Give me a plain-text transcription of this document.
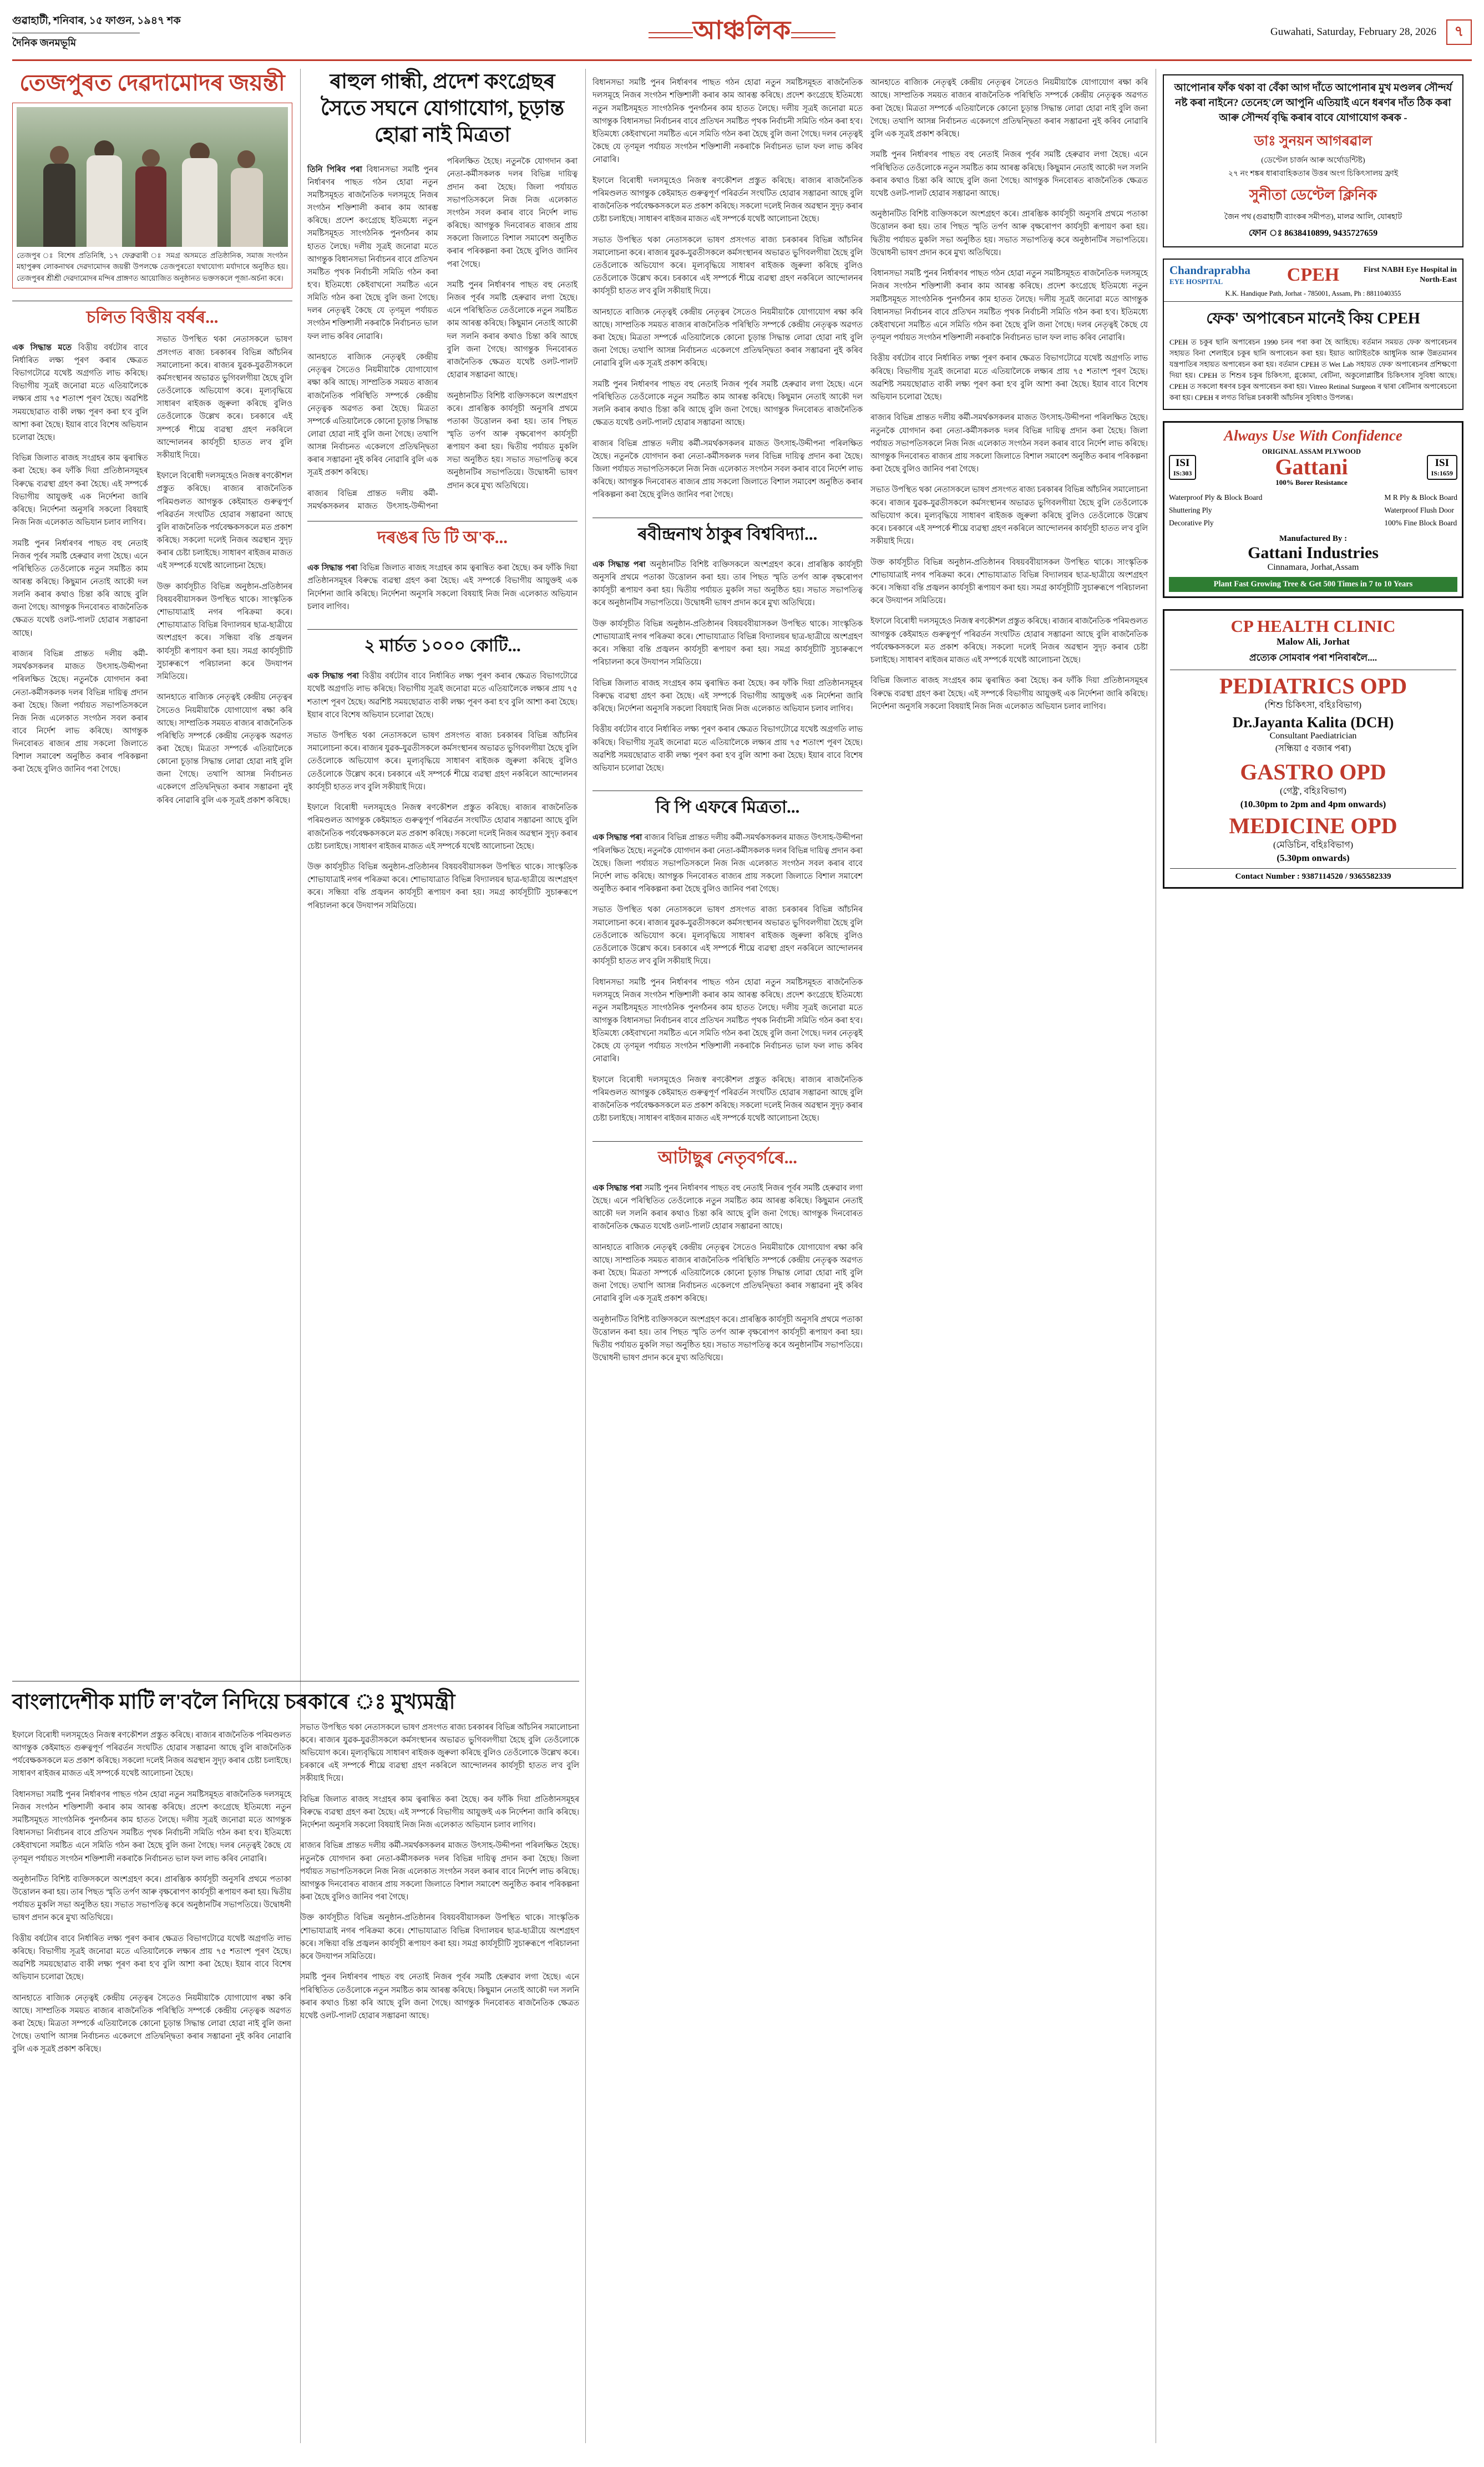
গুৱাহাটী, শনিবাৰ, ১৫ ফাগুন, ১৯৪৭ শক
দৈনিক জনমভূমি	আঞ্চলিক	Guwahati, Saturday, February 28, 2026	৭
তেজপুৰত দেৱদামোদৰ জয়ন্তী
তেজপুৰ ঃ বিশেষ প্ৰতিনিধি, ১৭ ফেব্ৰুৱাৰী ঃ সমগ্ৰ অসমতে প্ৰতিষ্ঠানিক, সমাজ সংগঠন মহাপুৰুষ লোকনাথৰ দেৱদামোদৰ জয়ন্তী উপলক্ষে তেজপুৰতো যথাযোগ্য মৰ্যাদাৰে অনুষ্ঠিত হয়। তেজপুৰৰ শ্ৰীশ্ৰী দেৱদামোদৰ মন্দিৰ প্ৰাঙ্গণত আয়োজিত অনুষ্ঠানত ভক্তসকলে পূজা-অৰ্চনা কৰে।
চলিত বিত্তীয় বৰ্ষৰ...

এক সিদ্ধান্ত মতে বিত্তীয় বৰ্ষটোৰ বাবে নিৰ্ধাৰিত লক্ষ্য পূৰণ কৰাৰ ক্ষেত্ৰত বিভাগটোৱে যথেষ্ট অগ্ৰগতি লাভ কৰিছে। বিভাগীয় সূত্ৰই জনোৱা মতে এতিয়ালৈকে লক্ষ্যৰ প্ৰায় ৭৫ শতাংশ পূৰণ হৈছে। অৱশিষ্ট সময়ছোৱাত বাকী লক্ষ্য পূৰণ কৰা হ'ব বুলি আশা কৰা হৈছে। ইয়াৰ বাবে বিশেষ অভিযান চলোৱা হৈছে।

বিভিন্ন জিলাত ৰাজহ সংগ্ৰহৰ কাম ত্বৰান্বিত কৰা হৈছে। কৰ ফাঁকি দিয়া প্ৰতিষ্ঠানসমূহৰ বিৰুদ্ধে ব্যৱস্থা গ্ৰহণ কৰা হৈছে। এই সম্পৰ্কে বিভাগীয় আয়ুক্তই এক নিৰ্দেশনা জাৰি কৰিছে। নিৰ্দেশনা অনুসৰি সকলো বিষয়াই নিজ নিজ এলেকাত অভিযান চলাব লাগিব।

সমষ্টি পুনৰ নিৰ্ধাৰণৰ পাছত বহু নেতাই নিজৰ পূৰ্বৰ সমষ্টি হেৰুৱাব লগা হৈছে। এনে পৰিস্থিতিত তেওঁলোকে নতুন সমষ্টিত কাম আৰম্ভ কৰিছে। কিছুমান নেতাই আকৌ দল সলনি কৰাৰ কথাও চিন্তা কৰি আছে বুলি জনা গৈছে। আগন্তুক দিনবোৰত ৰাজনৈতিক ক্ষেত্ৰত যথেষ্ট ওলট-পালট হোৱাৰ সম্ভাৱনা আছে।

ৰাজ্যৰ বিভিন্ন প্ৰান্তত দলীয় কৰ্মী-সমৰ্থকসকলৰ মাজত উৎসাহ-উদ্দীপনা পৰিলক্ষিত হৈছে। নতুনকৈ যোগদান কৰা নেতা-কৰ্মীসকলক দলৰ বিভিন্ন দায়িত্ব প্ৰদান কৰা হৈছে। জিলা পৰ্যায়ত সভাপতিসকলে নিজ নিজ এলেকাত সংগঠন সবল কৰাৰ বাবে নিৰ্দেশ লাভ কৰিছে। আগন্তুক দিনবোৰত ৰাজ্যৰ প্ৰায় সকলো জিলাতে বিশাল সমাবেশ অনুষ্ঠিত কৰাৰ পৰিকল্পনা কৰা হৈছে বুলিও জানিব পৰা গৈছে।

সভাত উপস্থিত থকা নেতাসকলে ভাষণ প্ৰসংগত ৰাজ্য চৰকাৰৰ বিভিন্ন আঁচনিৰ সমালোচনা কৰে। ৰাজ্যৰ যুৱক-যুৱতীসকলে কৰ্মসংস্থানৰ অভাৱত ভুগিবলগীয়া হৈছে বুলি তেওঁলোকে অভিযোগ কৰে। মূল্যবৃদ্ধিয়ে সাধাৰণ ৰাইজক জুৰুলা কৰিছে বুলিও তেওঁলোকে উল্লেখ কৰে। চৰকাৰে এই সম্পৰ্কে শীঘ্ৰে ব্যৱস্থা গ্ৰহণ নকৰিলে আন্দোলনৰ কাৰ্যসূচী হাতত ল'ব বুলি সকীয়াই দিয়ে।

ইফালে বিৰোধী দলসমূহেও নিজস্ব ৰণকৌশল প্ৰস্তুত কৰিছে। ৰাজ্যৰ ৰাজনৈতিক পৰিমণ্ডলত আগন্তুক কেইমাহত গুৰুত্বপূৰ্ণ পৰিৱৰ্তন সংঘটিত হোৱাৰ সম্ভাৱনা আছে বুলি ৰাজনৈতিক পৰ্যবেক্ষকসকলে মত প্ৰকাশ কৰিছে। সকলো দলেই নিজৰ অৱস্থান সুদৃঢ় কৰাৰ চেষ্টা চলাইছে। সাধাৰণ ৰাইজৰ মাজত এই সম্পৰ্কে যথেষ্ট আলোচনা হৈছে।

উক্ত কাৰ্যসূচীত বিভিন্ন অনুষ্ঠান-প্ৰতিষ্ঠানৰ বিষয়ববীয়াসকল উপস্থিত থাকে। সাংস্কৃতিক শোভাযাত্ৰাই নগৰ পৰিক্ৰমা কৰে। শোভাযাত্ৰাত বিভিন্ন বিদ্যালয়ৰ ছাত্ৰ-ছাত্ৰীয়ে অংশগ্ৰহণ কৰে। সন্ধিয়া বন্তি প্ৰজ্বলন কাৰ্যসূচী ৰূপায়ণ কৰা হয়। সমগ্ৰ কাৰ্যসূচীটি সুচাৰুৰূপে পৰিচালনা কৰে উদযাপন সমিতিয়ে।

আনহাতে ৰাজ্যিক নেতৃত্বই কেন্দ্ৰীয় নেতৃত্বৰ সৈতেও নিয়মীয়াকৈ যোগাযোগ ৰক্ষা কৰি আছে। সাম্প্ৰতিক সময়ত ৰাজ্যৰ ৰাজনৈতিক পৰিস্থিতি সম্পৰ্কে কেন্দ্ৰীয় নেতৃত্বক অৱগত কৰা হৈছে। মিত্ৰতা সম্পৰ্কে এতিয়ালৈকে কোনো চূড়ান্ত সিদ্ধান্ত লোৱা হোৱা নাই বুলি জনা গৈছে। তথাপি আসন্ন নিৰ্বাচনত একেলগে প্ৰতিদ্বন্দ্বিতা কৰাৰ সম্ভাৱনা নুই কৰিব নোৱাৰি বুলি এক সূত্ৰই প্ৰকাশ কৰিছে।

ৰাহুল গান্ধী, প্ৰদেশ কংগ্ৰেছৰ সৈতে সঘনে যোগাযোগ, চূড়ান্ত হোৱা নাই মিত্ৰতা

তিনি পিৰিব পৰা বিধানসভা সমষ্টি পুনৰ নিৰ্ধাৰণৰ পাছত গঠন হোৱা নতুন সমষ্টিসমূহত ৰাজনৈতিক দলসমূহে নিজৰ সংগঠন শক্তিশালী কৰাৰ কাম আৰম্ভ কৰিছে। প্ৰদেশ কংগ্ৰেছে ইতিমধ্যে নতুন সমষ্টিসমূহত সাংগঠনিক পুনৰ্গঠনৰ কাম হাতত লৈছে। দলীয় সূত্ৰই জনোৱা মতে আগন্তুক বিধানসভা নিৰ্বাচনৰ বাবে প্ৰতিখন সমষ্টিত পৃথক নিৰ্বাচনী সমিতি গঠন কৰা হ'ব। ইতিমধ্যে কেইবাখনো সমষ্টিত এনে সমিতি গঠন কৰা হৈছে বুলি জনা গৈছে। দলৰ নেতৃত্বই কৈছে যে তৃণমূল পৰ্যায়ত সংগঠন শক্তিশালী নকৰাকৈ নিৰ্বাচনত ভাল ফল লাভ কৰিব নোৱাৰি।

আনহাতে ৰাজ্যিক নেতৃত্বই কেন্দ্ৰীয় নেতৃত্বৰ সৈতেও নিয়মীয়াকৈ যোগাযোগ ৰক্ষা কৰি আছে। সাম্প্ৰতিক সময়ত ৰাজ্যৰ ৰাজনৈতিক পৰিস্থিতি সম্পৰ্কে কেন্দ্ৰীয় নেতৃত্বক অৱগত কৰা হৈছে। মিত্ৰতা সম্পৰ্কে এতিয়ালৈকে কোনো চূড়ান্ত সিদ্ধান্ত লোৱা হোৱা নাই বুলি জনা গৈছে। তথাপি আসন্ন নিৰ্বাচনত একেলগে প্ৰতিদ্বন্দ্বিতা কৰাৰ সম্ভাৱনা নুই কৰিব নোৱাৰি বুলি এক সূত্ৰই প্ৰকাশ কৰিছে।

ৰাজ্যৰ বিভিন্ন প্ৰান্তত দলীয় কৰ্মী-সমৰ্থকসকলৰ মাজত উৎসাহ-উদ্দীপনা পৰিলক্ষিত হৈছে। নতুনকৈ যোগদান কৰা নেতা-কৰ্মীসকলক দলৰ বিভিন্ন দায়িত্ব প্ৰদান কৰা হৈছে। জিলা পৰ্যায়ত সভাপতিসকলে নিজ নিজ এলেকাত সংগঠন সবল কৰাৰ বাবে নিৰ্দেশ লাভ কৰিছে। আগন্তুক দিনবোৰত ৰাজ্যৰ প্ৰায় সকলো জিলাতে বিশাল সমাবেশ অনুষ্ঠিত কৰাৰ পৰিকল্পনা কৰা হৈছে বুলিও জানিব পৰা গৈছে।

সমষ্টি পুনৰ নিৰ্ধাৰণৰ পাছত বহু নেতাই নিজৰ পূৰ্বৰ সমষ্টি হেৰুৱাব লগা হৈছে। এনে পৰিস্থিতিত তেওঁলোকে নতুন সমষ্টিত কাম আৰম্ভ কৰিছে। কিছুমান নেতাই আকৌ দল সলনি কৰাৰ কথাও চিন্তা কৰি আছে বুলি জনা গৈছে। আগন্তুক দিনবোৰত ৰাজনৈতিক ক্ষেত্ৰত যথেষ্ট ওলট-পালট হোৱাৰ সম্ভাৱনা আছে।

অনুষ্ঠানটিত বিশিষ্ট ব্যক্তিসকলে অংশগ্ৰহণ কৰে। প্ৰাৰম্ভিক কাৰ্যসূচী অনুসৰি প্ৰথমে পতাকা উত্তোলন কৰা হয়। তাৰ পিছত স্মৃতি তৰ্পণ আৰু বৃক্ষৰোপণ কাৰ্যসূচী ৰূপায়ণ কৰা হয়। দ্বিতীয় পৰ্যায়ত মুকলি সভা অনুষ্ঠিত হয়। সভাত সভাপতিত্ব কৰে অনুষ্ঠানটিৰ সভাপতিয়ে। উদ্বোধনী ভাষণ প্ৰদান কৰে মুখ্য অতিথিয়ে।

দৰঙৰ ডি টি অ'ক...

এক সিদ্ধান্ত পৰা বিভিন্ন জিলাত ৰাজহ সংগ্ৰহৰ কাম ত্বৰান্বিত কৰা হৈছে। কৰ ফাঁকি দিয়া প্ৰতিষ্ঠানসমূহৰ বিৰুদ্ধে ব্যৱস্থা গ্ৰহণ কৰা হৈছে। এই সম্পৰ্কে বিভাগীয় আয়ুক্তই এক নিৰ্দেশনা জাৰি কৰিছে। নিৰ্দেশনা অনুসৰি সকলো বিষয়াই নিজ নিজ এলেকাত অভিযান চলাব লাগিব।

২ মাৰ্চত ১০০০ কোটি...

এক সিদ্ধান্ত পৰা বিত্তীয় বৰ্ষটোৰ বাবে নিৰ্ধাৰিত লক্ষ্য পূৰণ কৰাৰ ক্ষেত্ৰত বিভাগটোৱে যথেষ্ট অগ্ৰগতি লাভ কৰিছে। বিভাগীয় সূত্ৰই জনোৱা মতে এতিয়ালৈকে লক্ষ্যৰ প্ৰায় ৭৫ শতাংশ পূৰণ হৈছে। অৱশিষ্ট সময়ছোৱাত বাকী লক্ষ্য পূৰণ কৰা হ'ব বুলি আশা কৰা হৈছে। ইয়াৰ বাবে বিশেষ অভিযান চলোৱা হৈছে।

সভাত উপস্থিত থকা নেতাসকলে ভাষণ প্ৰসংগত ৰাজ্য চৰকাৰৰ বিভিন্ন আঁচনিৰ সমালোচনা কৰে। ৰাজ্যৰ যুৱক-যুৱতীসকলে কৰ্মসংস্থানৰ অভাৱত ভুগিবলগীয়া হৈছে বুলি তেওঁলোকে অভিযোগ কৰে। মূল্যবৃদ্ধিয়ে সাধাৰণ ৰাইজক জুৰুলা কৰিছে বুলিও তেওঁলোকে উল্লেখ কৰে। চৰকাৰে এই সম্পৰ্কে শীঘ্ৰে ব্যৱস্থা গ্ৰহণ নকৰিলে আন্দোলনৰ কাৰ্যসূচী হাতত ল'ব বুলি সকীয়াই দিয়ে।

ইফালে বিৰোধী দলসমূহেও নিজস্ব ৰণকৌশল প্ৰস্তুত কৰিছে। ৰাজ্যৰ ৰাজনৈতিক পৰিমণ্ডলত আগন্তুক কেইমাহত গুৰুত্বপূৰ্ণ পৰিৱৰ্তন সংঘটিত হোৱাৰ সম্ভাৱনা আছে বুলি ৰাজনৈতিক পৰ্যবেক্ষকসকলে মত প্ৰকাশ কৰিছে। সকলো দলেই নিজৰ অৱস্থান সুদৃঢ় কৰাৰ চেষ্টা চলাইছে। সাধাৰণ ৰাইজৰ মাজত এই সম্পৰ্কে যথেষ্ট আলোচনা হৈছে।

উক্ত কাৰ্যসূচীত বিভিন্ন অনুষ্ঠান-প্ৰতিষ্ঠানৰ বিষয়ববীয়াসকল উপস্থিত থাকে। সাংস্কৃতিক শোভাযাত্ৰাই নগৰ পৰিক্ৰমা কৰে। শোভাযাত্ৰাত বিভিন্ন বিদ্যালয়ৰ ছাত্ৰ-ছাত্ৰীয়ে অংশগ্ৰহণ কৰে। সন্ধিয়া বন্তি প্ৰজ্বলন কাৰ্যসূচী ৰূপায়ণ কৰা হয়। সমগ্ৰ কাৰ্যসূচীটি সুচাৰুৰূপে পৰিচালনা কৰে উদযাপন সমিতিয়ে।

বিধানসভা সমষ্টি পুনৰ নিৰ্ধাৰণৰ পাছত গঠন হোৱা নতুন সমষ্টিসমূহত ৰাজনৈতিক দলসমূহে নিজৰ সংগঠন শক্তিশালী কৰাৰ কাম আৰম্ভ কৰিছে। প্ৰদেশ কংগ্ৰেছে ইতিমধ্যে নতুন সমষ্টিসমূহত সাংগঠনিক পুনৰ্গঠনৰ কাম হাতত লৈছে। দলীয় সূত্ৰই জনোৱা মতে আগন্তুক বিধানসভা নিৰ্বাচনৰ বাবে প্ৰতিখন সমষ্টিত পৃথক নিৰ্বাচনী সমিতি গঠন কৰা হ'ব। ইতিমধ্যে কেইবাখনো সমষ্টিত এনে সমিতি গঠন কৰা হৈছে বুলি জনা গৈছে। দলৰ নেতৃত্বই কৈছে যে তৃণমূল পৰ্যায়ত সংগঠন শক্তিশালী নকৰাকৈ নিৰ্বাচনত ভাল ফল লাভ কৰিব নোৱাৰি।

ইফালে বিৰোধী দলসমূহেও নিজস্ব ৰণকৌশল প্ৰস্তুত কৰিছে। ৰাজ্যৰ ৰাজনৈতিক পৰিমণ্ডলত আগন্তুক কেইমাহত গুৰুত্বপূৰ্ণ পৰিৱৰ্তন সংঘটিত হোৱাৰ সম্ভাৱনা আছে বুলি ৰাজনৈতিক পৰ্যবেক্ষকসকলে মত প্ৰকাশ কৰিছে। সকলো দলেই নিজৰ অৱস্থান সুদৃঢ় কৰাৰ চেষ্টা চলাইছে। সাধাৰণ ৰাইজৰ মাজত এই সম্পৰ্কে যথেষ্ট আলোচনা হৈছে।

সভাত উপস্থিত থকা নেতাসকলে ভাষণ প্ৰসংগত ৰাজ্য চৰকাৰৰ বিভিন্ন আঁচনিৰ সমালোচনা কৰে। ৰাজ্যৰ যুৱক-যুৱতীসকলে কৰ্মসংস্থানৰ অভাৱত ভুগিবলগীয়া হৈছে বুলি তেওঁলোকে অভিযোগ কৰে। মূল্যবৃদ্ধিয়ে সাধাৰণ ৰাইজক জুৰুলা কৰিছে বুলিও তেওঁলোকে উল্লেখ কৰে। চৰকাৰে এই সম্পৰ্কে শীঘ্ৰে ব্যৱস্থা গ্ৰহণ নকৰিলে আন্দোলনৰ কাৰ্যসূচী হাতত ল'ব বুলি সকীয়াই দিয়ে।

আনহাতে ৰাজ্যিক নেতৃত্বই কেন্দ্ৰীয় নেতৃত্বৰ সৈতেও নিয়মীয়াকৈ যোগাযোগ ৰক্ষা কৰি আছে। সাম্প্ৰতিক সময়ত ৰাজ্যৰ ৰাজনৈতিক পৰিস্থিতি সম্পৰ্কে কেন্দ্ৰীয় নেতৃত্বক অৱগত কৰা হৈছে। মিত্ৰতা সম্পৰ্কে এতিয়ালৈকে কোনো চূড়ান্ত সিদ্ধান্ত লোৱা হোৱা নাই বুলি জনা গৈছে। তথাপি আসন্ন নিৰ্বাচনত একেলগে প্ৰতিদ্বন্দ্বিতা কৰাৰ সম্ভাৱনা নুই কৰিব নোৱাৰি বুলি এক সূত্ৰই প্ৰকাশ কৰিছে।

সমষ্টি পুনৰ নিৰ্ধাৰণৰ পাছত বহু নেতাই নিজৰ পূৰ্বৰ সমষ্টি হেৰুৱাব লগা হৈছে। এনে পৰিস্থিতিত তেওঁলোকে নতুন সমষ্টিত কাম আৰম্ভ কৰিছে। কিছুমান নেতাই আকৌ দল সলনি কৰাৰ কথাও চিন্তা কৰি আছে বুলি জনা গৈছে। আগন্তুক দিনবোৰত ৰাজনৈতিক ক্ষেত্ৰত যথেষ্ট ওলট-পালট হোৱাৰ সম্ভাৱনা আছে।

ৰাজ্যৰ বিভিন্ন প্ৰান্তত দলীয় কৰ্মী-সমৰ্থকসকলৰ মাজত উৎসাহ-উদ্দীপনা পৰিলক্ষিত হৈছে। নতুনকৈ যোগদান কৰা নেতা-কৰ্মীসকলক দলৰ বিভিন্ন দায়িত্ব প্ৰদান কৰা হৈছে। জিলা পৰ্যায়ত সভাপতিসকলে নিজ নিজ এলেকাত সংগঠন সবল কৰাৰ বাবে নিৰ্দেশ লাভ কৰিছে। আগন্তুক দিনবোৰত ৰাজ্যৰ প্ৰায় সকলো জিলাতে বিশাল সমাবেশ অনুষ্ঠিত কৰাৰ পৰিকল্পনা কৰা হৈছে বুলিও জানিব পৰা গৈছে।

ৰবীন্দ্ৰনাথ ঠাকুৰ বিশ্ববিদ্যা...

এক সিদ্ধান্ত পৰা অনুষ্ঠানটিত বিশিষ্ট ব্যক্তিসকলে অংশগ্ৰহণ কৰে। প্ৰাৰম্ভিক কাৰ্যসূচী অনুসৰি প্ৰথমে পতাকা উত্তোলন কৰা হয়। তাৰ পিছত স্মৃতি তৰ্পণ আৰু বৃক্ষৰোপণ কাৰ্যসূচী ৰূপায়ণ কৰা হয়। দ্বিতীয় পৰ্যায়ত মুকলি সভা অনুষ্ঠিত হয়। সভাত সভাপতিত্ব কৰে অনুষ্ঠানটিৰ সভাপতিয়ে। উদ্বোধনী ভাষণ প্ৰদান কৰে মুখ্য অতিথিয়ে।

উক্ত কাৰ্যসূচীত বিভিন্ন অনুষ্ঠান-প্ৰতিষ্ঠানৰ বিষয়ববীয়াসকল উপস্থিত থাকে। সাংস্কৃতিক শোভাযাত্ৰাই নগৰ পৰিক্ৰমা কৰে। শোভাযাত্ৰাত বিভিন্ন বিদ্যালয়ৰ ছাত্ৰ-ছাত্ৰীয়ে অংশগ্ৰহণ কৰে। সন্ধিয়া বন্তি প্ৰজ্বলন কাৰ্যসূচী ৰূপায়ণ কৰা হয়। সমগ্ৰ কাৰ্যসূচীটি সুচাৰুৰূপে পৰিচালনা কৰে উদযাপন সমিতিয়ে।

বিভিন্ন জিলাত ৰাজহ সংগ্ৰহৰ কাম ত্বৰান্বিত কৰা হৈছে। কৰ ফাঁকি দিয়া প্ৰতিষ্ঠানসমূহৰ বিৰুদ্ধে ব্যৱস্থা গ্ৰহণ কৰা হৈছে। এই সম্পৰ্কে বিভাগীয় আয়ুক্তই এক নিৰ্দেশনা জাৰি কৰিছে। নিৰ্দেশনা অনুসৰি সকলো বিষয়াই নিজ নিজ এলেকাত অভিযান চলাব লাগিব।

বিত্তীয় বৰ্ষটোৰ বাবে নিৰ্ধাৰিত লক্ষ্য পূৰণ কৰাৰ ক্ষেত্ৰত বিভাগটোৱে যথেষ্ট অগ্ৰগতি লাভ কৰিছে। বিভাগীয় সূত্ৰই জনোৱা মতে এতিয়ালৈকে লক্ষ্যৰ প্ৰায় ৭৫ শতাংশ পূৰণ হৈছে। অৱশিষ্ট সময়ছোৱাত বাকী লক্ষ্য পূৰণ কৰা হ'ব বুলি আশা কৰা হৈছে। ইয়াৰ বাবে বিশেষ অভিযান চলোৱা হৈছে।

বি পি এফৰে মিত্ৰতা...

এক সিদ্ধান্ত পৰা ৰাজ্যৰ বিভিন্ন প্ৰান্তত দলীয় কৰ্মী-সমৰ্থকসকলৰ মাজত উৎসাহ-উদ্দীপনা পৰিলক্ষিত হৈছে। নতুনকৈ যোগদান কৰা নেতা-কৰ্মীসকলক দলৰ বিভিন্ন দায়িত্ব প্ৰদান কৰা হৈছে। জিলা পৰ্যায়ত সভাপতিসকলে নিজ নিজ এলেকাত সংগঠন সবল কৰাৰ বাবে নিৰ্দেশ লাভ কৰিছে। আগন্তুক দিনবোৰত ৰাজ্যৰ প্ৰায় সকলো জিলাতে বিশাল সমাবেশ অনুষ্ঠিত কৰাৰ পৰিকল্পনা কৰা হৈছে বুলিও জানিব পৰা গৈছে।

সভাত উপস্থিত থকা নেতাসকলে ভাষণ প্ৰসংগত ৰাজ্য চৰকাৰৰ বিভিন্ন আঁচনিৰ সমালোচনা কৰে। ৰাজ্যৰ যুৱক-যুৱতীসকলে কৰ্মসংস্থানৰ অভাৱত ভুগিবলগীয়া হৈছে বুলি তেওঁলোকে অভিযোগ কৰে। মূল্যবৃদ্ধিয়ে সাধাৰণ ৰাইজক জুৰুলা কৰিছে বুলিও তেওঁলোকে উল্লেখ কৰে। চৰকাৰে এই সম্পৰ্কে শীঘ্ৰে ব্যৱস্থা গ্ৰহণ নকৰিলে আন্দোলনৰ কাৰ্যসূচী হাতত ল'ব বুলি সকীয়াই দিয়ে।

বিধানসভা সমষ্টি পুনৰ নিৰ্ধাৰণৰ পাছত গঠন হোৱা নতুন সমষ্টিসমূহত ৰাজনৈতিক দলসমূহে নিজৰ সংগঠন শক্তিশালী কৰাৰ কাম আৰম্ভ কৰিছে। প্ৰদেশ কংগ্ৰেছে ইতিমধ্যে নতুন সমষ্টিসমূহত সাংগঠনিক পুনৰ্গঠনৰ কাম হাতত লৈছে। দলীয় সূত্ৰই জনোৱা মতে আগন্তুক বিধানসভা নিৰ্বাচনৰ বাবে প্ৰতিখন সমষ্টিত পৃথক নিৰ্বাচনী সমিতি গঠন কৰা হ'ব। ইতিমধ্যে কেইবাখনো সমষ্টিত এনে সমিতি গঠন কৰা হৈছে বুলি জনা গৈছে। দলৰ নেতৃত্বই কৈছে যে তৃণমূল পৰ্যায়ত সংগঠন শক্তিশালী নকৰাকৈ নিৰ্বাচনত ভাল ফল লাভ কৰিব নোৱাৰি।

ইফালে বিৰোধী দলসমূহেও নিজস্ব ৰণকৌশল প্ৰস্তুত কৰিছে। ৰাজ্যৰ ৰাজনৈতিক পৰিমণ্ডলত আগন্তুক কেইমাহত গুৰুত্বপূৰ্ণ পৰিৱৰ্তন সংঘটিত হোৱাৰ সম্ভাৱনা আছে বুলি ৰাজনৈতিক পৰ্যবেক্ষকসকলে মত প্ৰকাশ কৰিছে। সকলো দলেই নিজৰ অৱস্থান সুদৃঢ় কৰাৰ চেষ্টা চলাইছে। সাধাৰণ ৰাইজৰ মাজত এই সম্পৰ্কে যথেষ্ট আলোচনা হৈছে।

আটাছুৰ নেতৃবৰ্গৰে...

এক সিদ্ধান্ত পৰা সমষ্টি পুনৰ নিৰ্ধাৰণৰ পাছত বহু নেতাই নিজৰ পূৰ্বৰ সমষ্টি হেৰুৱাব লগা হৈছে। এনে পৰিস্থিতিত তেওঁলোকে নতুন সমষ্টিত কাম আৰম্ভ কৰিছে। কিছুমান নেতাই আকৌ দল সলনি কৰাৰ কথাও চিন্তা কৰি আছে বুলি জনা গৈছে। আগন্তুক দিনবোৰত ৰাজনৈতিক ক্ষেত্ৰত যথেষ্ট ওলট-পালট হোৱাৰ সম্ভাৱনা আছে।

আনহাতে ৰাজ্যিক নেতৃত্বই কেন্দ্ৰীয় নেতৃত্বৰ সৈতেও নিয়মীয়াকৈ যোগাযোগ ৰক্ষা কৰি আছে। সাম্প্ৰতিক সময়ত ৰাজ্যৰ ৰাজনৈতিক পৰিস্থিতি সম্পৰ্কে কেন্দ্ৰীয় নেতৃত্বক অৱগত কৰা হৈছে। মিত্ৰতা সম্পৰ্কে এতিয়ালৈকে কোনো চূড়ান্ত সিদ্ধান্ত লোৱা হোৱা নাই বুলি জনা গৈছে। তথাপি আসন্ন নিৰ্বাচনত একেলগে প্ৰতিদ্বন্দ্বিতা কৰাৰ সম্ভাৱনা নুই কৰিব নোৱাৰি বুলি এক সূত্ৰই প্ৰকাশ কৰিছে।

অনুষ্ঠানটিত বিশিষ্ট ব্যক্তিসকলে অংশগ্ৰহণ কৰে। প্ৰাৰম্ভিক কাৰ্যসূচী অনুসৰি প্ৰথমে পতাকা উত্তোলন কৰা হয়। তাৰ পিছত স্মৃতি তৰ্পণ আৰু বৃক্ষৰোপণ কাৰ্যসূচী ৰূপায়ণ কৰা হয়। দ্বিতীয় পৰ্যায়ত মুকলি সভা অনুষ্ঠিত হয়। সভাত সভাপতিত্ব কৰে অনুষ্ঠানটিৰ সভাপতিয়ে। উদ্বোধনী ভাষণ প্ৰদান কৰে মুখ্য অতিথিয়ে।

আনহাতে ৰাজ্যিক নেতৃত্বই কেন্দ্ৰীয় নেতৃত্বৰ সৈতেও নিয়মীয়াকৈ যোগাযোগ ৰক্ষা কৰি আছে। সাম্প্ৰতিক সময়ত ৰাজ্যৰ ৰাজনৈতিক পৰিস্থিতি সম্পৰ্কে কেন্দ্ৰীয় নেতৃত্বক অৱগত কৰা হৈছে। মিত্ৰতা সম্পৰ্কে এতিয়ালৈকে কোনো চূড়ান্ত সিদ্ধান্ত লোৱা হোৱা নাই বুলি জনা গৈছে। তথাপি আসন্ন নিৰ্বাচনত একেলগে প্ৰতিদ্বন্দ্বিতা কৰাৰ সম্ভাৱনা নুই কৰিব নোৱাৰি বুলি এক সূত্ৰই প্ৰকাশ কৰিছে।

সমষ্টি পুনৰ নিৰ্ধাৰণৰ পাছত বহু নেতাই নিজৰ পূৰ্বৰ সমষ্টি হেৰুৱাব লগা হৈছে। এনে পৰিস্থিতিত তেওঁলোকে নতুন সমষ্টিত কাম আৰম্ভ কৰিছে। কিছুমান নেতাই আকৌ দল সলনি কৰাৰ কথাও চিন্তা কৰি আছে বুলি জনা গৈছে। আগন্তুক দিনবোৰত ৰাজনৈতিক ক্ষেত্ৰত যথেষ্ট ওলট-পালট হোৱাৰ সম্ভাৱনা আছে।

অনুষ্ঠানটিত বিশিষ্ট ব্যক্তিসকলে অংশগ্ৰহণ কৰে। প্ৰাৰম্ভিক কাৰ্যসূচী অনুসৰি প্ৰথমে পতাকা উত্তোলন কৰা হয়। তাৰ পিছত স্মৃতি তৰ্পণ আৰু বৃক্ষৰোপণ কাৰ্যসূচী ৰূপায়ণ কৰা হয়। দ্বিতীয় পৰ্যায়ত মুকলি সভা অনুষ্ঠিত হয়। সভাত সভাপতিত্ব কৰে অনুষ্ঠানটিৰ সভাপতিয়ে। উদ্বোধনী ভাষণ প্ৰদান কৰে মুখ্য অতিথিয়ে।

বিধানসভা সমষ্টি পুনৰ নিৰ্ধাৰণৰ পাছত গঠন হোৱা নতুন সমষ্টিসমূহত ৰাজনৈতিক দলসমূহে নিজৰ সংগঠন শক্তিশালী কৰাৰ কাম আৰম্ভ কৰিছে। প্ৰদেশ কংগ্ৰেছে ইতিমধ্যে নতুন সমষ্টিসমূহত সাংগঠনিক পুনৰ্গঠনৰ কাম হাতত লৈছে। দলীয় সূত্ৰই জনোৱা মতে আগন্তুক বিধানসভা নিৰ্বাচনৰ বাবে প্ৰতিখন সমষ্টিত পৃথক নিৰ্বাচনী সমিতি গঠন কৰা হ'ব। ইতিমধ্যে কেইবাখনো সমষ্টিত এনে সমিতি গঠন কৰা হৈছে বুলি জনা গৈছে। দলৰ নেতৃত্বই কৈছে যে তৃণমূল পৰ্যায়ত সংগঠন শক্তিশালী নকৰাকৈ নিৰ্বাচনত ভাল ফল লাভ কৰিব নোৱাৰি।

বিত্তীয় বৰ্ষটোৰ বাবে নিৰ্ধাৰিত লক্ষ্য পূৰণ কৰাৰ ক্ষেত্ৰত বিভাগটোৱে যথেষ্ট অগ্ৰগতি লাভ কৰিছে। বিভাগীয় সূত্ৰই জনোৱা মতে এতিয়ালৈকে লক্ষ্যৰ প্ৰায় ৭৫ শতাংশ পূৰণ হৈছে। অৱশিষ্ট সময়ছোৱাত বাকী লক্ষ্য পূৰণ কৰা হ'ব বুলি আশা কৰা হৈছে। ইয়াৰ বাবে বিশেষ অভিযান চলোৱা হৈছে।

ৰাজ্যৰ বিভিন্ন প্ৰান্তত দলীয় কৰ্মী-সমৰ্থকসকলৰ মাজত উৎসাহ-উদ্দীপনা পৰিলক্ষিত হৈছে। নতুনকৈ যোগদান কৰা নেতা-কৰ্মীসকলক দলৰ বিভিন্ন দায়িত্ব প্ৰদান কৰা হৈছে। জিলা পৰ্যায়ত সভাপতিসকলে নিজ নিজ এলেকাত সংগঠন সবল কৰাৰ বাবে নিৰ্দেশ লাভ কৰিছে। আগন্তুক দিনবোৰত ৰাজ্যৰ প্ৰায় সকলো জিলাতে বিশাল সমাবেশ অনুষ্ঠিত কৰাৰ পৰিকল্পনা কৰা হৈছে বুলিও জানিব পৰা গৈছে।

সভাত উপস্থিত থকা নেতাসকলে ভাষণ প্ৰসংগত ৰাজ্য চৰকাৰৰ বিভিন্ন আঁচনিৰ সমালোচনা কৰে। ৰাজ্যৰ যুৱক-যুৱতীসকলে কৰ্মসংস্থানৰ অভাৱত ভুগিবলগীয়া হৈছে বুলি তেওঁলোকে অভিযোগ কৰে। মূল্যবৃদ্ধিয়ে সাধাৰণ ৰাইজক জুৰুলা কৰিছে বুলিও তেওঁলোকে উল্লেখ কৰে। চৰকাৰে এই সম্পৰ্কে শীঘ্ৰে ব্যৱস্থা গ্ৰহণ নকৰিলে আন্দোলনৰ কাৰ্যসূচী হাতত ল'ব বুলি সকীয়াই দিয়ে।

উক্ত কাৰ্যসূচীত বিভিন্ন অনুষ্ঠান-প্ৰতিষ্ঠানৰ বিষয়ববীয়াসকল উপস্থিত থাকে। সাংস্কৃতিক শোভাযাত্ৰাই নগৰ পৰিক্ৰমা কৰে। শোভাযাত্ৰাত বিভিন্ন বিদ্যালয়ৰ ছাত্ৰ-ছাত্ৰীয়ে অংশগ্ৰহণ কৰে। সন্ধিয়া বন্তি প্ৰজ্বলন কাৰ্যসূচী ৰূপায়ণ কৰা হয়। সমগ্ৰ কাৰ্যসূচীটি সুচাৰুৰূপে পৰিচালনা কৰে উদযাপন সমিতিয়ে।

ইফালে বিৰোধী দলসমূহেও নিজস্ব ৰণকৌশল প্ৰস্তুত কৰিছে। ৰাজ্যৰ ৰাজনৈতিক পৰিমণ্ডলত আগন্তুক কেইমাহত গুৰুত্বপূৰ্ণ পৰিৱৰ্তন সংঘটিত হোৱাৰ সম্ভাৱনা আছে বুলি ৰাজনৈতিক পৰ্যবেক্ষকসকলে মত প্ৰকাশ কৰিছে। সকলো দলেই নিজৰ অৱস্থান সুদৃঢ় কৰাৰ চেষ্টা চলাইছে। সাধাৰণ ৰাইজৰ মাজত এই সম্পৰ্কে যথেষ্ট আলোচনা হৈছে।

বিভিন্ন জিলাত ৰাজহ সংগ্ৰহৰ কাম ত্বৰান্বিত কৰা হৈছে। কৰ ফাঁকি দিয়া প্ৰতিষ্ঠানসমূহৰ বিৰুদ্ধে ব্যৱস্থা গ্ৰহণ কৰা হৈছে। এই সম্পৰ্কে বিভাগীয় আয়ুক্তই এক নিৰ্দেশনা জাৰি কৰিছে। নিৰ্দেশনা অনুসৰি সকলো বিষয়াই নিজ নিজ এলেকাত অভিযান চলাব লাগিব।

আপোনাৰ ফাঁক থকা বা বেঁকা আগ দাঁতে আপোনাৰ মুখ মণ্ডলৰ সৌন্দৰ্য নষ্ট কৰা নাইনে? তেনেহ'লে আপুনি এতিয়াই এনে ধৰণৰ দাঁত ঠিক কৰা আৰু সৌন্দৰ্য বৃদ্ধি কৰাৰ বাবে যোগাযোগ কৰক -
ডাঃ সুনয়ন আগৰৱাল
(ডেণ্টেল চাৰ্জন আৰু অৰ্থোডন্টিষ্ট)
২৭ নং শঙ্কৰ ধাৰাবাহিকতাৰ উত্তৰ অংগ চিকিৎসালয় ফ্ৰাই
সুনীতা ডেণ্টেল ক্লিনিক
জৈন পথ (গুৱাহাটী ব্যাংকৰ সমীপত), মালৱ আলি, যোৰহাট
ফোন ঃ 8638410899, 9435727659
Chandraprabha
EYE HOSPITAL	CPEH	First NABH Eye Hospital in North-East
K.K. Handique Path, Jorhat - 785001, Assam, Ph : 8811040355
ফেক' অপাৰেচন মানেই কিয় CPEH
CPEH ত চকুৰ ছানি অপাৰেচন 1990 চনৰ পৰা কৰা হৈ আহিছে। বৰ্তমান সময়ত ফেক' অপাৰেচনৰ সহায়ত বিনা শেলাইৰে চকুৰ ছানি অপাৰেচন কৰা হয়। ইয়াত আটাইতকৈ আধুনিক আৰু উন্নতমানৰ যন্ত্ৰপাতিৰ সহায়ত অপাৰেচন কৰা হয়। বৰ্তমান CPEH ত Wet Lab সহায়ত ফেক' অপাৰেচনৰ প্ৰশিক্ষণো দিয়া হয়। CPEH ত শিশুৰ চকুৰ চিকিৎসা, গ্লুকোমা, ৰেটিনা, অকুলোপ্লাষ্টিৰ চিকিৎসাৰ সুবিধা আছে। CPEH ত সকলো ধৰণৰ চকুৰ অপাৰেচন কৰা হয়। Vitreo Retinal Surgeon ৰ দ্বাৰা ৰেটিনাৰ অপাৰেচনো কৰা হয়। CPEH ৰ লগত বিভিন্ন চৰকাৰী আঁচনিৰ সুবিধাও উপলব্ধ।
Always Use With Confidence
ISI
IS:303
ORIGINAL ASSAM PLYWOOD
Gattani
100% Borer Resistance
ISI
IS:1659
Waterproof Ply & Block Board
Shuttering Ply
Decorative Ply
M R Ply & Block Board
Waterproof Flush Door
100% Fine Block Board
Manufactured By :
Gattani Industries
Cinnamara, Jorhat,Assam
Plant Fast Growing Tree & Get 500 Times in 7 to 10 Years
CP HEALTH CLINIC
Malow Ali, Jorhat
প্ৰত্যেক সোমবাৰ পৰা শনিবাৰলৈ....
PEDIATRICS OPD
(শিশু চিকিৎসা, বহিঃবিভাগ)
Dr.Jayanta Kalita (DCH)
Consultant Paediatrician
(সন্ধিয়া ৫ বজাৰ পৰা)
GASTRO OPD
(গেষ্ট্ৰ', বহিঃবিভাগ)
(10.30pm to 2pm and 4pm onwards)
MEDICINE OPD
(মেডিচিন, বহিঃবিভাগ)
(5.30pm onwards)
Contact Number : 9387114520 / 9365582339
বাংলাদেশীক মাটি ল'বলৈ নিদিয়ে চৰকাৰে ঃ মুখ্যমন্ত্ৰী

ইফালে বিৰোধী দলসমূহেও নিজস্ব ৰণকৌশল প্ৰস্তুত কৰিছে। ৰাজ্যৰ ৰাজনৈতিক পৰিমণ্ডলত আগন্তুক কেইমাহত গুৰুত্বপূৰ্ণ পৰিৱৰ্তন সংঘটিত হোৱাৰ সম্ভাৱনা আছে বুলি ৰাজনৈতিক পৰ্যবেক্ষকসকলে মত প্ৰকাশ কৰিছে। সকলো দলেই নিজৰ অৱস্থান সুদৃঢ় কৰাৰ চেষ্টা চলাইছে। সাধাৰণ ৰাইজৰ মাজত এই সম্পৰ্কে যথেষ্ট আলোচনা হৈছে।

বিধানসভা সমষ্টি পুনৰ নিৰ্ধাৰণৰ পাছত গঠন হোৱা নতুন সমষ্টিসমূহত ৰাজনৈতিক দলসমূহে নিজৰ সংগঠন শক্তিশালী কৰাৰ কাম আৰম্ভ কৰিছে। প্ৰদেশ কংগ্ৰেছে ইতিমধ্যে নতুন সমষ্টিসমূহত সাংগঠনিক পুনৰ্গঠনৰ কাম হাতত লৈছে। দলীয় সূত্ৰই জনোৱা মতে আগন্তুক বিধানসভা নিৰ্বাচনৰ বাবে প্ৰতিখন সমষ্টিত পৃথক নিৰ্বাচনী সমিতি গঠন কৰা হ'ব। ইতিমধ্যে কেইবাখনো সমষ্টিত এনে সমিতি গঠন কৰা হৈছে বুলি জনা গৈছে। দলৰ নেতৃত্বই কৈছে যে তৃণমূল পৰ্যায়ত সংগঠন শক্তিশালী নকৰাকৈ নিৰ্বাচনত ভাল ফল লাভ কৰিব নোৱাৰি।

অনুষ্ঠানটিত বিশিষ্ট ব্যক্তিসকলে অংশগ্ৰহণ কৰে। প্ৰাৰম্ভিক কাৰ্যসূচী অনুসৰি প্ৰথমে পতাকা উত্তোলন কৰা হয়। তাৰ পিছত স্মৃতি তৰ্পণ আৰু বৃক্ষৰোপণ কাৰ্যসূচী ৰূপায়ণ কৰা হয়। দ্বিতীয় পৰ্যায়ত মুকলি সভা অনুষ্ঠিত হয়। সভাত সভাপতিত্ব কৰে অনুষ্ঠানটিৰ সভাপতিয়ে। উদ্বোধনী ভাষণ প্ৰদান কৰে মুখ্য অতিথিয়ে।

বিত্তীয় বৰ্ষটোৰ বাবে নিৰ্ধাৰিত লক্ষ্য পূৰণ কৰাৰ ক্ষেত্ৰত বিভাগটোৱে যথেষ্ট অগ্ৰগতি লাভ কৰিছে। বিভাগীয় সূত্ৰই জনোৱা মতে এতিয়ালৈকে লক্ষ্যৰ প্ৰায় ৭৫ শতাংশ পূৰণ হৈছে। অৱশিষ্ট সময়ছোৱাত বাকী লক্ষ্য পূৰণ কৰা হ'ব বুলি আশা কৰা হৈছে। ইয়াৰ বাবে বিশেষ অভিযান চলোৱা হৈছে।

আনহাতে ৰাজ্যিক নেতৃত্বই কেন্দ্ৰীয় নেতৃত্বৰ সৈতেও নিয়মীয়াকৈ যোগাযোগ ৰক্ষা কৰি আছে। সাম্প্ৰতিক সময়ত ৰাজ্যৰ ৰাজনৈতিক পৰিস্থিতি সম্পৰ্কে কেন্দ্ৰীয় নেতৃত্বক অৱগত কৰা হৈছে। মিত্ৰতা সম্পৰ্কে এতিয়ালৈকে কোনো চূড়ান্ত সিদ্ধান্ত লোৱা হোৱা নাই বুলি জনা গৈছে। তথাপি আসন্ন নিৰ্বাচনত একেলগে প্ৰতিদ্বন্দ্বিতা কৰাৰ সম্ভাৱনা নুই কৰিব নোৱাৰি বুলি এক সূত্ৰই প্ৰকাশ কৰিছে।

সভাত উপস্থিত থকা নেতাসকলে ভাষণ প্ৰসংগত ৰাজ্য চৰকাৰৰ বিভিন্ন আঁচনিৰ সমালোচনা কৰে। ৰাজ্যৰ যুৱক-যুৱতীসকলে কৰ্মসংস্থানৰ অভাৱত ভুগিবলগীয়া হৈছে বুলি তেওঁলোকে অভিযোগ কৰে। মূল্যবৃদ্ধিয়ে সাধাৰণ ৰাইজক জুৰুলা কৰিছে বুলিও তেওঁলোকে উল্লেখ কৰে। চৰকাৰে এই সম্পৰ্কে শীঘ্ৰে ব্যৱস্থা গ্ৰহণ নকৰিলে আন্দোলনৰ কাৰ্যসূচী হাতত ল'ব বুলি সকীয়াই দিয়ে।

বিভিন্ন জিলাত ৰাজহ সংগ্ৰহৰ কাম ত্বৰান্বিত কৰা হৈছে। কৰ ফাঁকি দিয়া প্ৰতিষ্ঠানসমূহৰ বিৰুদ্ধে ব্যৱস্থা গ্ৰহণ কৰা হৈছে। এই সম্পৰ্কে বিভাগীয় আয়ুক্তই এক নিৰ্দেশনা জাৰি কৰিছে। নিৰ্দেশনা অনুসৰি সকলো বিষয়াই নিজ নিজ এলেকাত অভিযান চলাব লাগিব।

ৰাজ্যৰ বিভিন্ন প্ৰান্তত দলীয় কৰ্মী-সমৰ্থকসকলৰ মাজত উৎসাহ-উদ্দীপনা পৰিলক্ষিত হৈছে। নতুনকৈ যোগদান কৰা নেতা-কৰ্মীসকলক দলৰ বিভিন্ন দায়িত্ব প্ৰদান কৰা হৈছে। জিলা পৰ্যায়ত সভাপতিসকলে নিজ নিজ এলেকাত সংগঠন সবল কৰাৰ বাবে নিৰ্দেশ লাভ কৰিছে। আগন্তুক দিনবোৰত ৰাজ্যৰ প্ৰায় সকলো জিলাতে বিশাল সমাবেশ অনুষ্ঠিত কৰাৰ পৰিকল্পনা কৰা হৈছে বুলিও জানিব পৰা গৈছে।

উক্ত কাৰ্যসূচীত বিভিন্ন অনুষ্ঠান-প্ৰতিষ্ঠানৰ বিষয়ববীয়াসকল উপস্থিত থাকে। সাংস্কৃতিক শোভাযাত্ৰাই নগৰ পৰিক্ৰমা কৰে। শোভাযাত্ৰাত বিভিন্ন বিদ্যালয়ৰ ছাত্ৰ-ছাত্ৰীয়ে অংশগ্ৰহণ কৰে। সন্ধিয়া বন্তি প্ৰজ্বলন কাৰ্যসূচী ৰূপায়ণ কৰা হয়। সমগ্ৰ কাৰ্যসূচীটি সুচাৰুৰূপে পৰিচালনা কৰে উদযাপন সমিতিয়ে।

সমষ্টি পুনৰ নিৰ্ধাৰণৰ পাছত বহু নেতাই নিজৰ পূৰ্বৰ সমষ্টি হেৰুৱাব লগা হৈছে। এনে পৰিস্থিতিত তেওঁলোকে নতুন সমষ্টিত কাম আৰম্ভ কৰিছে। কিছুমান নেতাই আকৌ দল সলনি কৰাৰ কথাও চিন্তা কৰি আছে বুলি জনা গৈছে। আগন্তুক দিনবোৰত ৰাজনৈতিক ক্ষেত্ৰত যথেষ্ট ওলট-পালট হোৱাৰ সম্ভাৱনা আছে।
